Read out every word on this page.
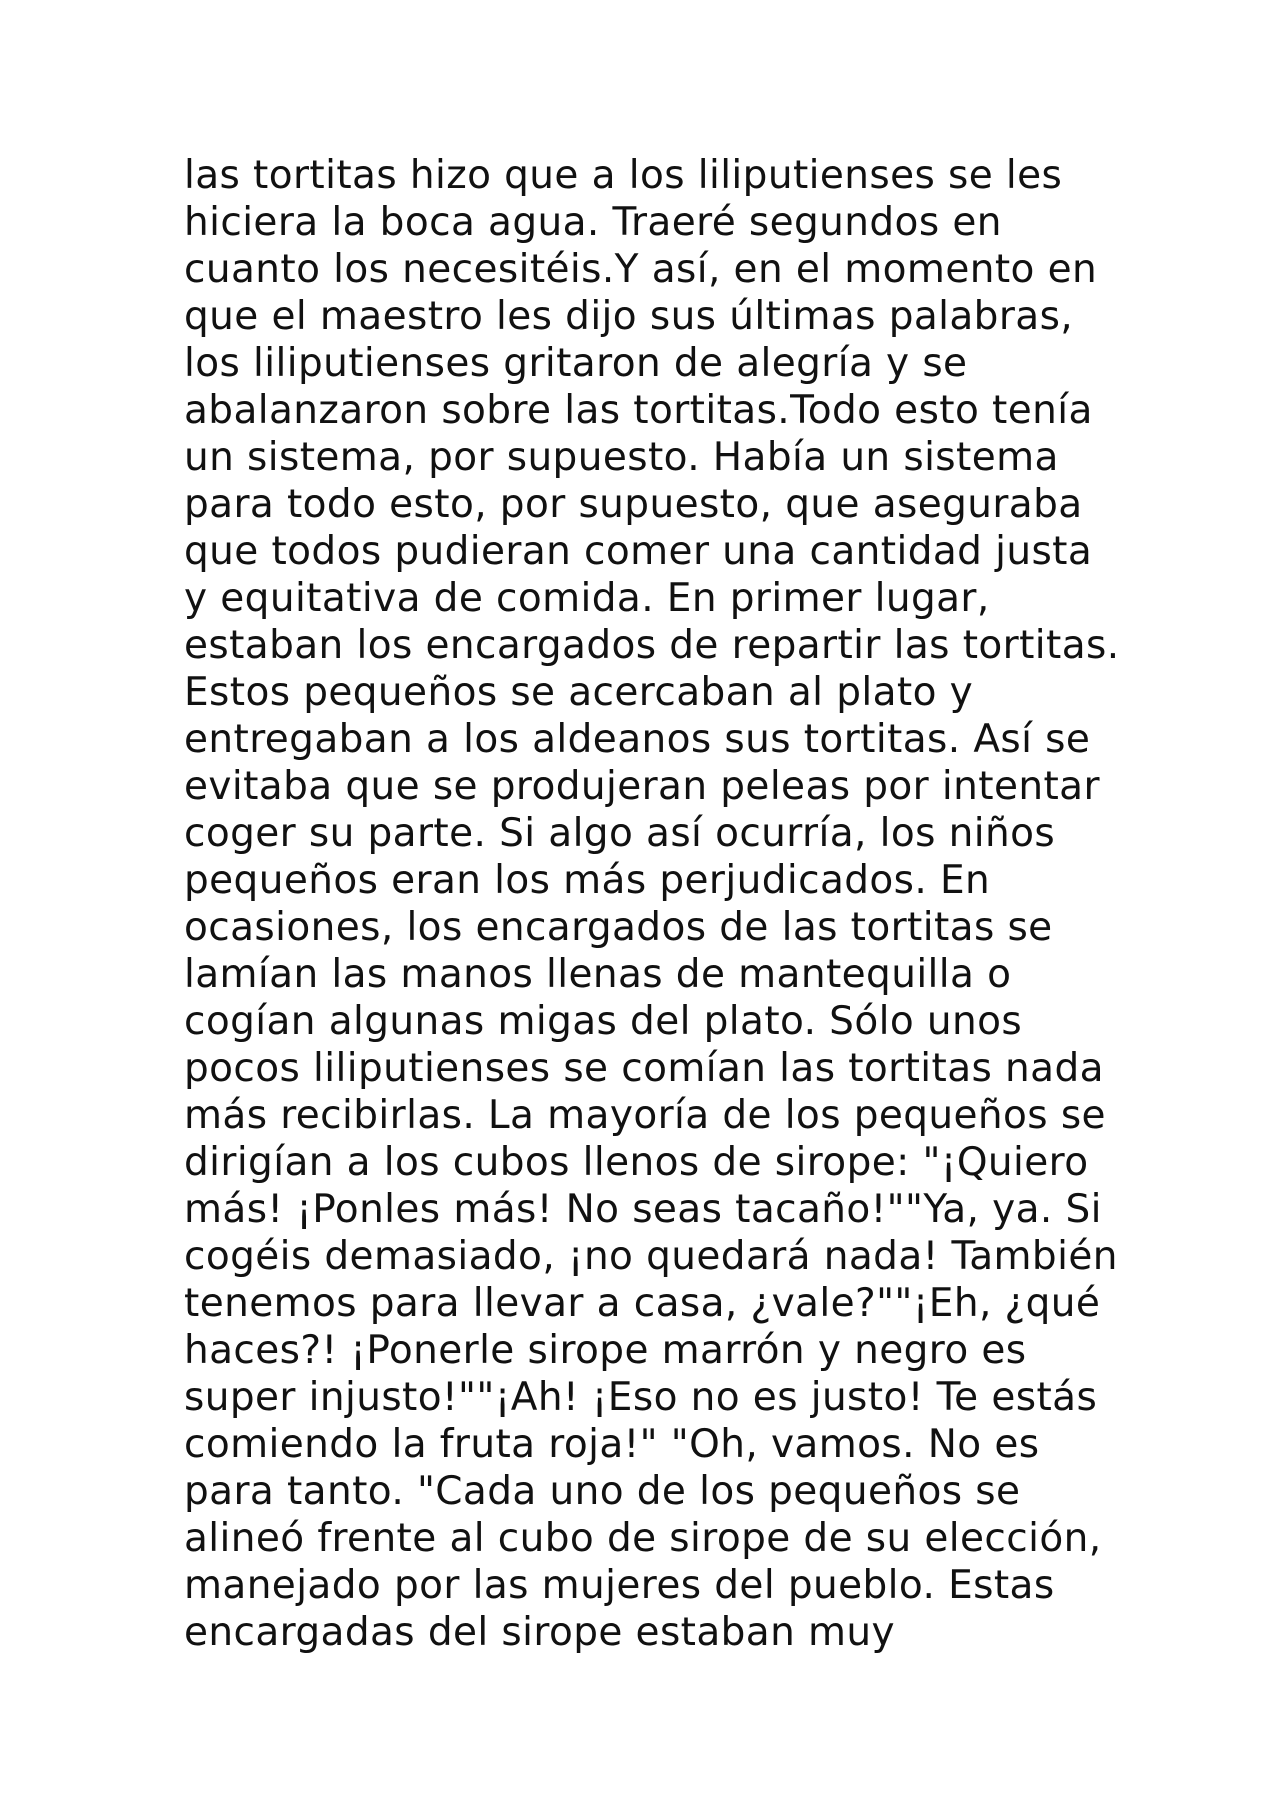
las tortitas hizo que a los liliputienses se les
hiciera la boca agua. Traeré segundos en
cuanto los necesitéis.Y así, en el momento en
que el maestro les dijo sus últimas palabras,
los liliputienses gritaron de alegría y se
abalanzaron sobre las tortitas.Todo esto tenía
un sistema, por supuesto. Había un sistema
para todo esto, por supuesto, que aseguraba
que todos pudieran comer una cantidad justa
y equitativa de comida. En primer lugar,
estaban los encargados de repartir las tortitas.
Estos pequeños se acercaban al plato y
entregaban a los aldeanos sus tortitas. Así se
evitaba que se produjeran peleas por intentar
coger su parte. Si algo así ocurría, los niños
pequeños eran los más perjudicados. En
ocasiones, los encargados de las tortitas se
lamían las manos llenas de mantequilla o
cogían algunas migas del plato. Sólo unos
pocos liliputienses se comían las tortitas nada
más recibirlas. La mayoría de los pequeños se
dirigían a los cubos llenos de sirope: "¡Quiero
más! ¡Ponles más! No seas tacaño!""Ya, ya. Si
cogéis demasiado, ¡no quedará nada! También
tenemos para llevar a casa, ¿vale?""¡Eh, ¿qué
haces?! ¡Ponerle sirope marrón y negro es
super injusto!""¡Ah! ¡Eso no es justo! Te estás
comiendo la fruta roja!" "Oh, vamos. No es
para tanto. "Cada uno de los pequeños se
alineó frente al cubo de sirope de su elección,
manejado por las mujeres del pueblo. Estas
encargadas del sirope estaban muy
